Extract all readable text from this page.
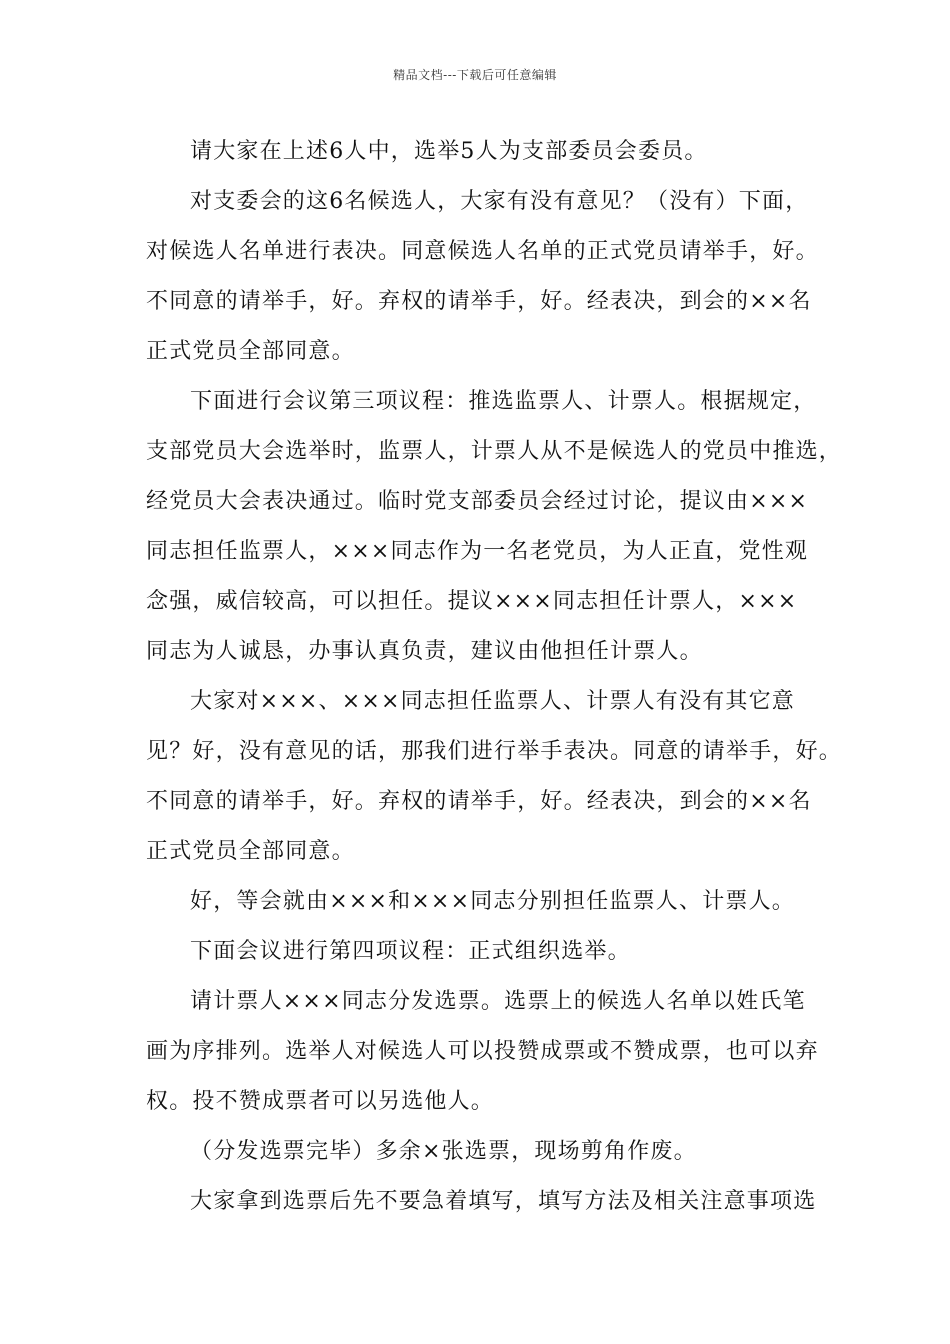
精品文档---下载后可任意编辑
请大家在上述6人中，选举5人为支部委员会委员。
对支委会的这6名候选人，大家有没有意见？（没有）下面，
对候选人名单进行表决。同意候选人名单的正式党员请举手，好。
不同意的请举手，好。弃权的请举手，好。经表决，到会的××名
正式党员全部同意。
下面进行会议第三项议程：推选监票人、计票人。根据规定，
支部党员大会选举时，监票人，计票人从不是候选人的党员中推选，
经党员大会表决通过。临时党支部委员会经过讨论，提议由×××
同志担任监票人，×××同志作为一名老党员，为人正直，党性观
念强，威信较高，可以担任。提议×××同志担任计票人，×××
同志为人诚恳，办事认真负责，建议由他担任计票人。
大家对×××、×××同志担任监票人、计票人有没有其它意
见？好，没有意见的话，那我们进行举手表决。同意的请举手，好。
不同意的请举手，好。弃权的请举手，好。经表决，到会的××名
正式党员全部同意。
好，等会就由×××和×××同志分别担任监票人、计票人。
下面会议进行第四项议程：正式组织选举。
请计票人×××同志分发选票。选票上的候选人名单以姓氏笔
画为序排列。选举人对候选人可以投赞成票或不赞成票，也可以弃
权。投不赞成票者可以另选他人。
（分发选票完毕）多余×张选票，现场剪角作废。
大家拿到选票后先不要急着填写，填写方法及相关注意事项选
